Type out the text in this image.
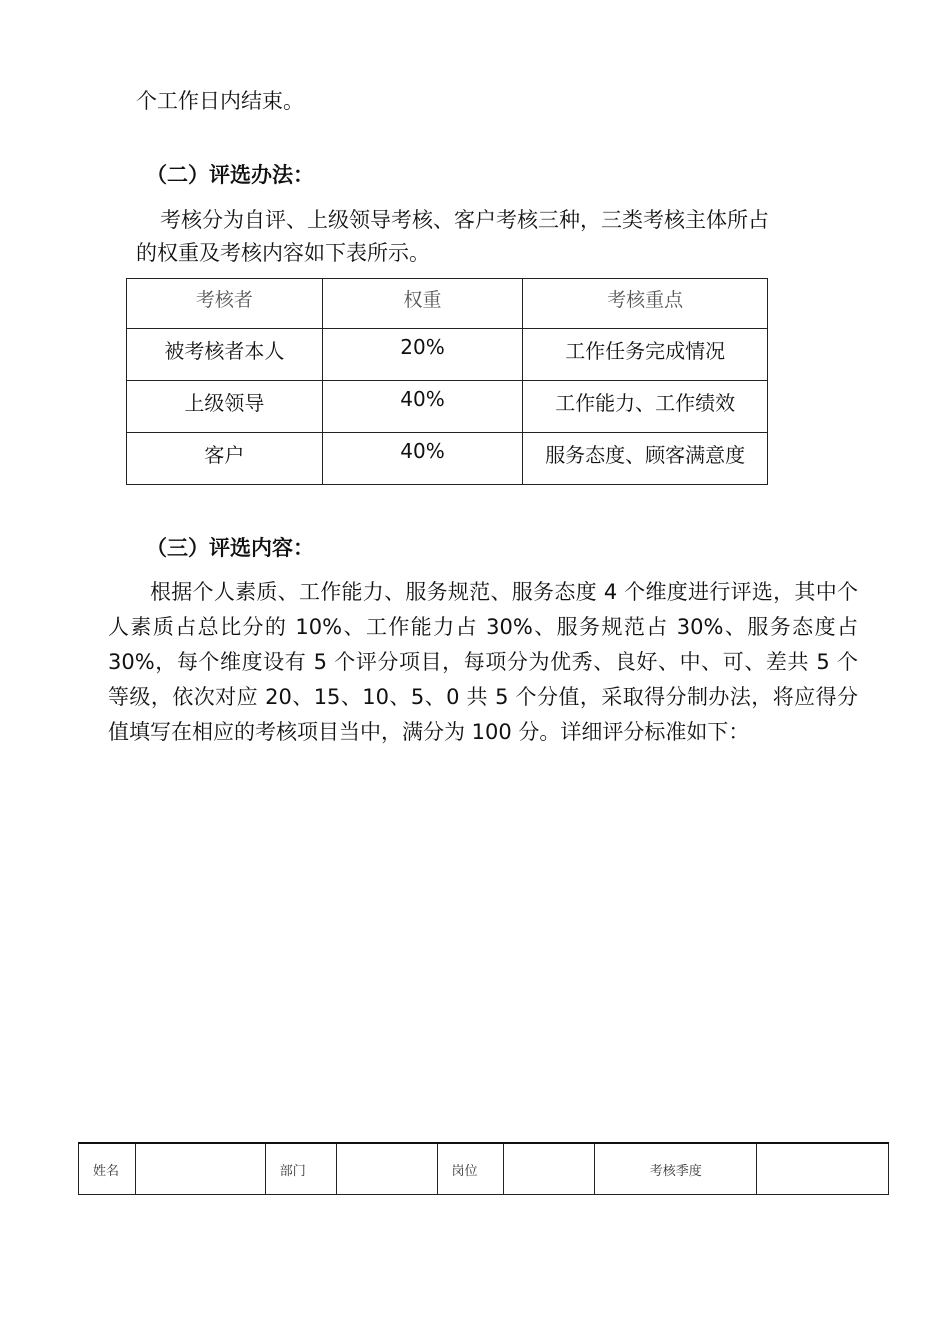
个工作日内结束。
（二）评选办法：
考核分为自评、上级领导考核、客户考核三种，三类考核主体所占
的权重及考核内容如下表所示。
考核者	权重	考核重点
被考核者本人	20%	工作任务完成情况
上级领导	40%	工作能力、工作绩效
客户	40%	服务态度、顾客满意度
（三）评选内容：
根据个人素质、工作能力、服务规范、服务态度 4 个维度进行评选，其中个人素质占总比分的 10%、工作能力占 30%、服务规范占 30%、服务态度占 30%，每个维度设有 5 个评分项目，每项分为优秀、良好、中、可、差共 5 个等级，依次对应 20、15、10、5、0 共 5 个分值，采取得分制办法，将应得分值填写在相应的考核项目当中，满分为 100 分。详细评分标准如下：
姓名		部门		岗位		考核季度	
